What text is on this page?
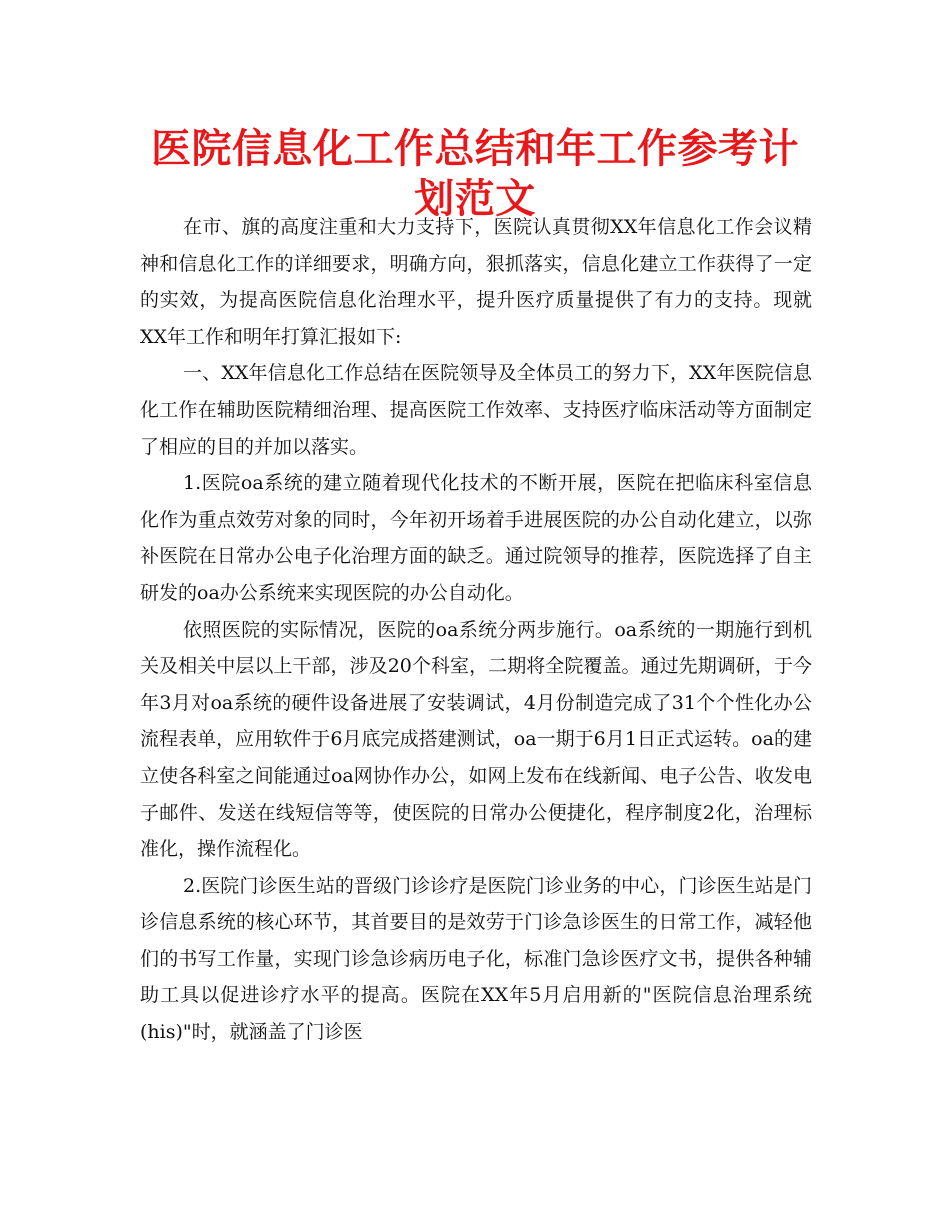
医院信息化工作总结和年工作参考计划范文

在市、旗的高度注重和大力支持下，医院认真贯彻XX年信息化工作会议精神和信息化工作的详细要求，明确方向，狠抓落实，信息化建立工作获得了一定的实效，为提高医院信息化治理水平，提升医疗质量提供了有力的支持。现就XX年工作和明年打算汇报如下:

一、XX年信息化工作总结在医院领导及全体员工的努力下，XX年医院信息化工作在辅助医院精细治理、提高医院工作效率、支持医疗临床活动等方面制定了相应的目的并加以落实。

1.医院oa系统的建立随着现代化技术的不断开展，医院在把临床科室信息化作为重点效劳对象的同时，今年初开场着手进展医院的办公自动化建立，以弥补医院在日常办公电子化治理方面的缺乏。通过院领导的推荐，医院选择了自主研发的oa办公系统来实现医院的办公自动化。

依照医院的实际情况，医院的oa系统分两步施行。oa系统的一期施行到机关及相关中层以上干部，涉及20个科室，二期将全院覆盖。通过先期调研，于今年3月对oa系统的硬件设备进展了安装调试，4月份制造完成了31个个性化办公流程表单，应用软件于6月底完成搭建测试，oa一期于6月1日正式运转。oa的建立使各科室之间能通过oa网协作办公，如网上发布在线新闻、电子公告、收发电子邮件、发送在线短信等等，使医院的日常办公便捷化，程序制度2化，治理标准化，操作流程化。

2.医院门诊医生站的晋级门诊诊疗是医院门诊业务的中心，门诊医生站是门诊信息系统的核心环节，其首要目的是效劳于门诊急诊医生的日常工作，减轻他们的书写工作量，实现门诊急诊病历电子化，标准门急诊医疗文书，提供各种辅助工具以促进诊疗水平的提高。医院在XX年5月启用新的"医院信息治理系统(his)"时，就涵盖了门诊医
